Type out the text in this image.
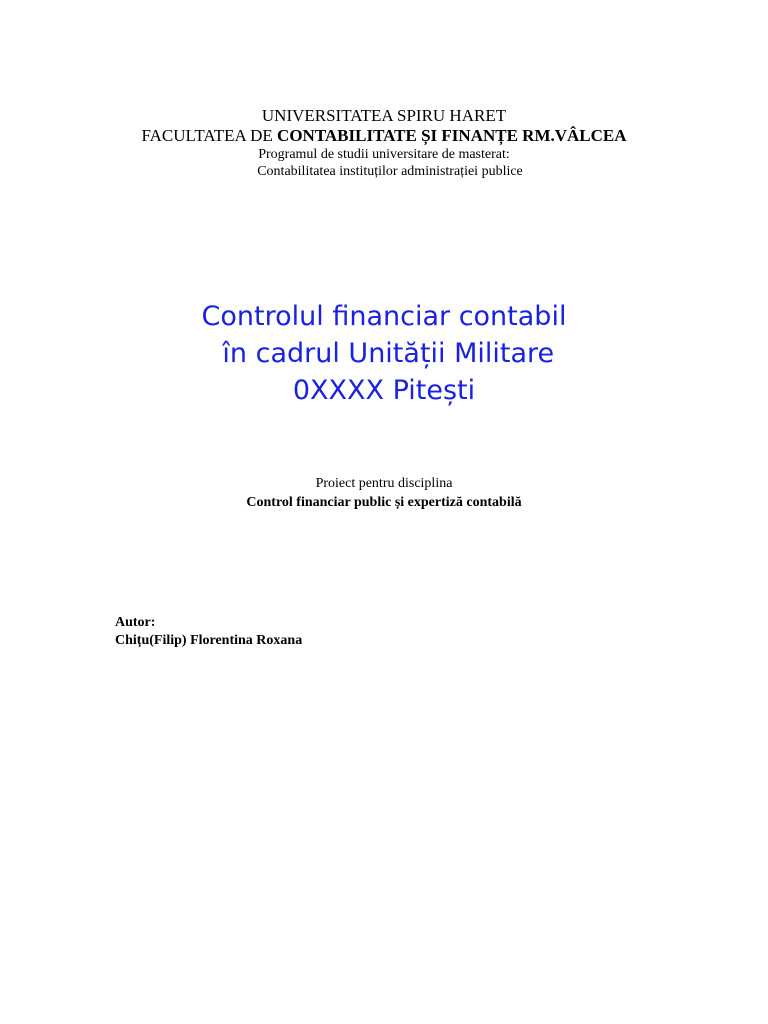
UNIVERSITATEA SPIRU HARET
FACULTATEA DE CONTABILITATE ȘI FINANȚE RM.VÂLCEA
Programul de studii universitare de masterat:
Contabilitatea instituților administrației publice
Controlul financiar contabil
în cadrul Unității Militare
0XXXX Pitești
Proiect pentru disciplina
Control financiar public și expertiză contabilă
Autor:
Chițu(Filip) Florentina Roxana
